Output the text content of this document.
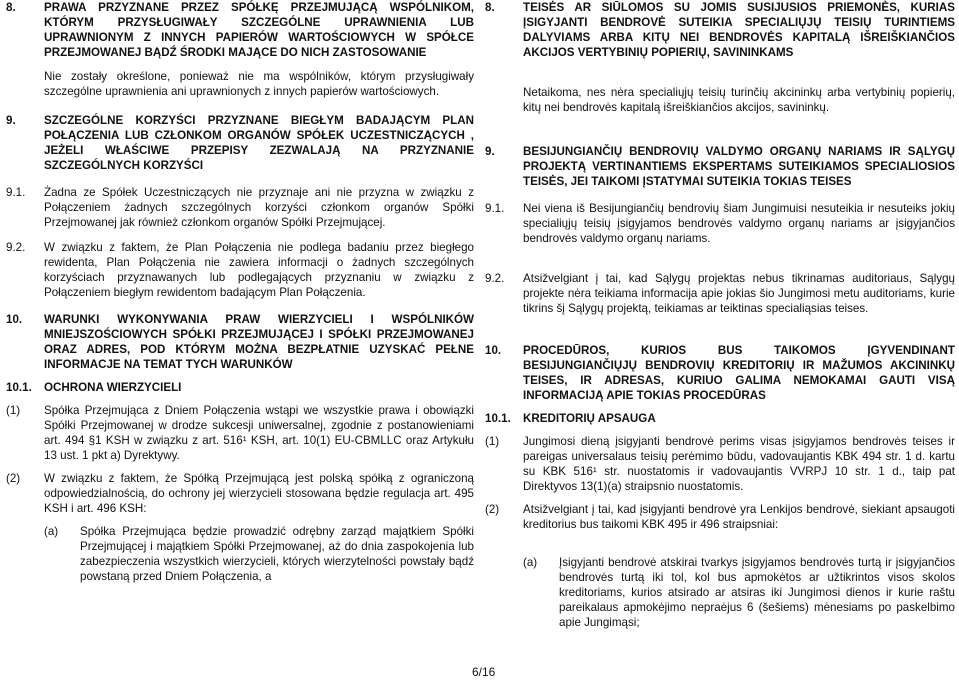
8.	PRAWA PRZYZNANE PRZEZ SPÓŁKĘ PRZEJMUJĄCĄ WSPÓLNIKOM, KTÓRYM PRZYSŁUGIWAŁY SZCZEGÓLNE UPRAWNIENIA LUB UPRAWNIONYM Z INNYCH PAPIERÓW WARTOŚCIOWYCH W SPÓŁCE PRZEJMOWANEJ BĄDŹ ŚRODKI MAJĄCE DO NICH ZASTOSOWANIE
Nie zostały określone, ponieważ nie ma wspólników, którym przysługiwały szczególne uprawnienia ani uprawnionych z innych papierów wartościowych.
9.	SZCZEGÓLNE KORZYŚCI PRZYZNANE BIEGŁYM BADAJĄCYM PLAN POŁĄCZENIA LUB CZŁONKOM ORGANÓW SPÓŁEK UCZESTNICZĄCYCH , JEŻELI WŁAŚCIWE PRZEPISY ZEZWALAJĄ NA PRZYZNANIE SZCZEGÓLNYCH KORZYŚCI
9.1. Żadna ze Spółek Uczestniczących nie przyznaje ani nie przyzna w związku z Połączeniem żadnych szczególnych korzyści członkom organów Spółki Przejmowanej jak również członkom organów Spółki Przejmującej.
9.2. W związku z faktem, że Plan Połączenia nie podlega badaniu przez biegłego rewidenta, Plan Połączenia nie zawiera informacji o żadnych szczególnych korzyściach przyznawanych lub podlegających przyznaniu w związku z Połączeniem biegłym rewidentom badającym Plan Połączenia.
10.	WARUNKI WYKONYWANIA PRAW WIERZYCIELI I WSPÓLNIKÓW MNIEJSZOŚCIOWYCH SPÓŁKI PRZEJMUJĄCEJ I SPÓŁKI PRZEJMOWANEJ ORAZ ADRES, POD KTÓRYM MOŻNA BEZPŁATNIE UZYSKAĆ PEŁNE INFORMACJE NA TEMAT TYCH WARUNKÓW
10.1. OCHRONA WIERZYCIELI
(1) Spółka Przejmująca z Dniem Połączenia wstąpi we wszystkie prawa i obowiązki Spółki Przejmowanej w drodze sukcesji uniwersalnej, zgodnie z postanowieniami art. 494 §1 KSH w związku z art. 516¹ KSH, art. 10(1) EU-CBMLLC oraz Artykułu 13 ust. 1 pkt a) Dyrektywy.
(2) W związku z faktem, że Spółką Przejmującą jest polską spółką z ograniczoną odpowiedzialnością, do ochrony jej wierzycieli stosowana będzie regulacja art. 495 KSH i art. 496 KSH:
(a) Spółka Przejmująca będzie prowadzić odrębny zarząd majątkiem Spółki Przejmującej i majątkiem Spółki Przejmowanej, aż do dnia zaspokojenia lub zabezpieczenia wszystkich wierzycieli, których wierzytelności powstały bądź powstaną przed Dniem Połączenia, a
8.	TEISĖS AR SIŪLOMOS SU JOMIS SUSIJUSIOS PRIEMONĖS, KURIAS ĮSIGYJANTI BENDROVĖ SUTEIKIA SPECIALIŲJŲ TEISIŲ TURINTIEMS DALYVIAMS ARBA KITŲ NEI BENDROVĖS KAPITALĄ IŠREIŠKIANČIOS AKCIJOS VERTYBINIŲ POPIERIŲ, SAVININKAMS
Netaikoma, nes nėra specialiųjų teisių turinčių akcininkų arba vertybinių popierių, kitų nei bendrovės kapitalą išreiškiančios akcijos, savininkų.
9.	BESIJUNGIANČIŲ BENDROVIŲ VALDYMO ORGANŲ NARIAMS IR SĄLYGŲ PROJEKTĄ VERTINANTIEMS EKSPERTAMS SUTEIKIAMOS SPECIALIOSIOS TEISĖS, JEI TAIKOMI ĮSTATYMAI SUTEIKIA TOKIAS TEISES
9.1. Nei viena iš Besijungiančių bendrovių šiam Jungimuisi nesuteikia ir nesuteiks jokių specialiųjų teisių įsigyjamos bendrovės valdymo organų nariams ar įsigyjančios bendrovės valdymo organų nariams.
9.2. Atsižvelgiant į tai, kad Sąlygų projektas nebus tikrinamas auditoriaus, Sąlygų projekte nėra teikiama informacija apie jokias šio Jungimosi metu auditoriams, kurie tikrins šį Sąlygų projektą, teikiamas ar teiktinas specialiąsias teises.
10.	PROCEDŪROS, KURIOS BUS TAIKOMOS ĮGYVENDINANT BESIJUNGIANČIŲJŲ BENDROVIŲ KREDITORIŲ IR MAŽUMOS AKCININKŲ TEISES, IR ADRESAS, KURIUO GALIMA NEMOKAMAI GAUTI VISĄ INFORMACIJĄ APIE TOKIAS PROCEDŪRAS
10.1. KREDITORIŲ APSAUGA
(1) Jungimosi dieną įsigyjanti bendrovė perims visas įsigyjamos bendrovės teises ir pareigas universalaus teisių perėmimo būdu, vadovaujantis KBK 494 str. 1 d. kartu su KBK 516¹ str. nuostatomis ir vadovaujantis VVRPJ 10 str. 1 d., taip pat Direktyvos 13(1)(a) straipsnio nuostatomis.
(2) Atsižvelgiant į tai, kad įsigyjanti bendrovė yra Lenkijos bendrovė, siekiant apsaugoti kreditorius bus taikomi KBK 495 ir 496 straipsniai:
(a) Įsigyjanti bendrovė atskirai tvarkys įsigyjamos bendrovės turtą ir įsigyjančios bendrovės turtą iki tol, kol bus apmokėtos ar užtikrintos visos skolos kreditoriams, kurios atsirado ar atsiras iki Jungimosi dienos ir kurie raštu pareikalaus apmokėjimo nepraėjus 6 (šešiems) mėnesiams po paskelbimo apie Jungimąsi;
6/16
